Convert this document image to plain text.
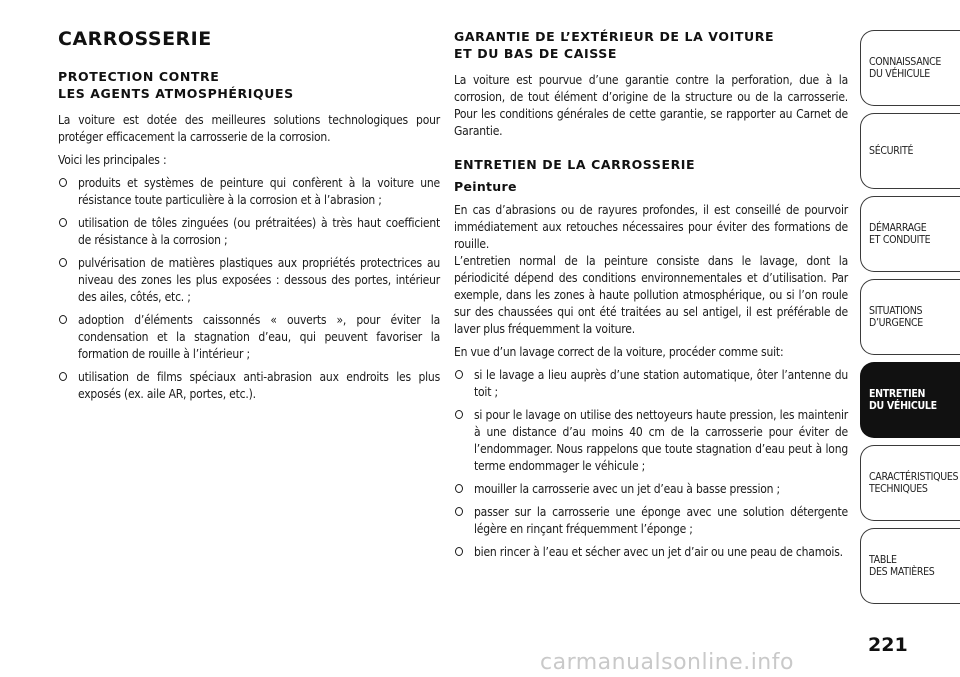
CARROSSERIE
PROTECTION CONTRE
LES AGENTS ATMOSPHÉRIQUES

La voiture est dotée des meilleures solutions technologiques pour protéger efficacement la carrosserie de la corrosion.

Voici les principales :

produits et systèmes de peinture qui confèrent à la voiture une résistance toute particulière à la corrosion et à l’abrasion ;
utilisation de tôles zinguées (ou prétraitées) à très haut coefficient de résistance à la corrosion ;
pulvérisation de matières plastiques aux propriétés protectrices au niveau des zones les plus exposées : dessous des portes, intérieur des ailes, côtés, etc. ;
adoption d’éléments caissonnés « ouverts », pour éviter la condensation et la stagnation d’eau, qui peuvent favoriser la formation de rouille à l’intérieur ;
utilisation de films spéciaux anti-abrasion aux endroits les plus exposés (ex. aile AR, portes, etc.).
GARANTIE DE L’EXTÉRIEUR DE LA VOITURE
ET DU BAS DE CAISSE

La voiture est pourvue d’une garantie contre la perforation, due à la corrosion, de tout élément d’origine de la structure ou de la carrosserie. Pour les conditions générales de cette garantie, se rapporter au Carnet de Garantie.

ENTRETIEN DE LA CARROSSERIE
Peinture

En cas d’abrasions ou de rayures profondes, il est conseillé de pourvoir immédiatement aux retouches nécessaires pour éviter des formations de rouille.

L’entretien normal de la peinture consiste dans le lavage, dont la périodicité dépend des conditions environnementales et d’utilisation. Par exemple, dans les zones à haute pollution atmosphérique, ou si l’on roule sur des chaussées qui ont été traitées au sel antigel, il est préférable de laver plus fréquemment la voiture.

En vue d’un lavage correct de la voiture, procéder comme suit:

si le lavage a lieu auprès d’une station automatique, ôter l’antenne du toit ;
si pour le lavage on utilise des nettoyeurs haute pression, les maintenir à une distance d’au moins 40 cm de la carrosserie pour éviter de l’endommager. Nous rappelons que toute stagnation d’eau peut à long terme endommager le véhicule ;
mouiller la carrosserie avec un jet d’eau à basse pression ;
passer sur la carrosserie une éponge avec une solution détergente légère en rinçant fréquemment l’éponge ;
bien rincer à l’eau et sécher avec un jet d’air ou une peau de chamois.
CONNAISSANCE
DU VÉHICULE
SÉCURITÉ
DÉMARRAGE
ET CONDUITE
SITUATIONS
D’URGENCE
ENTRETIEN
DU VÉHICULE
CARACTÉRISTIQUES
TECHNIQUES
TABLE
DES MATIÈRES
221
carmanualsonline.info
